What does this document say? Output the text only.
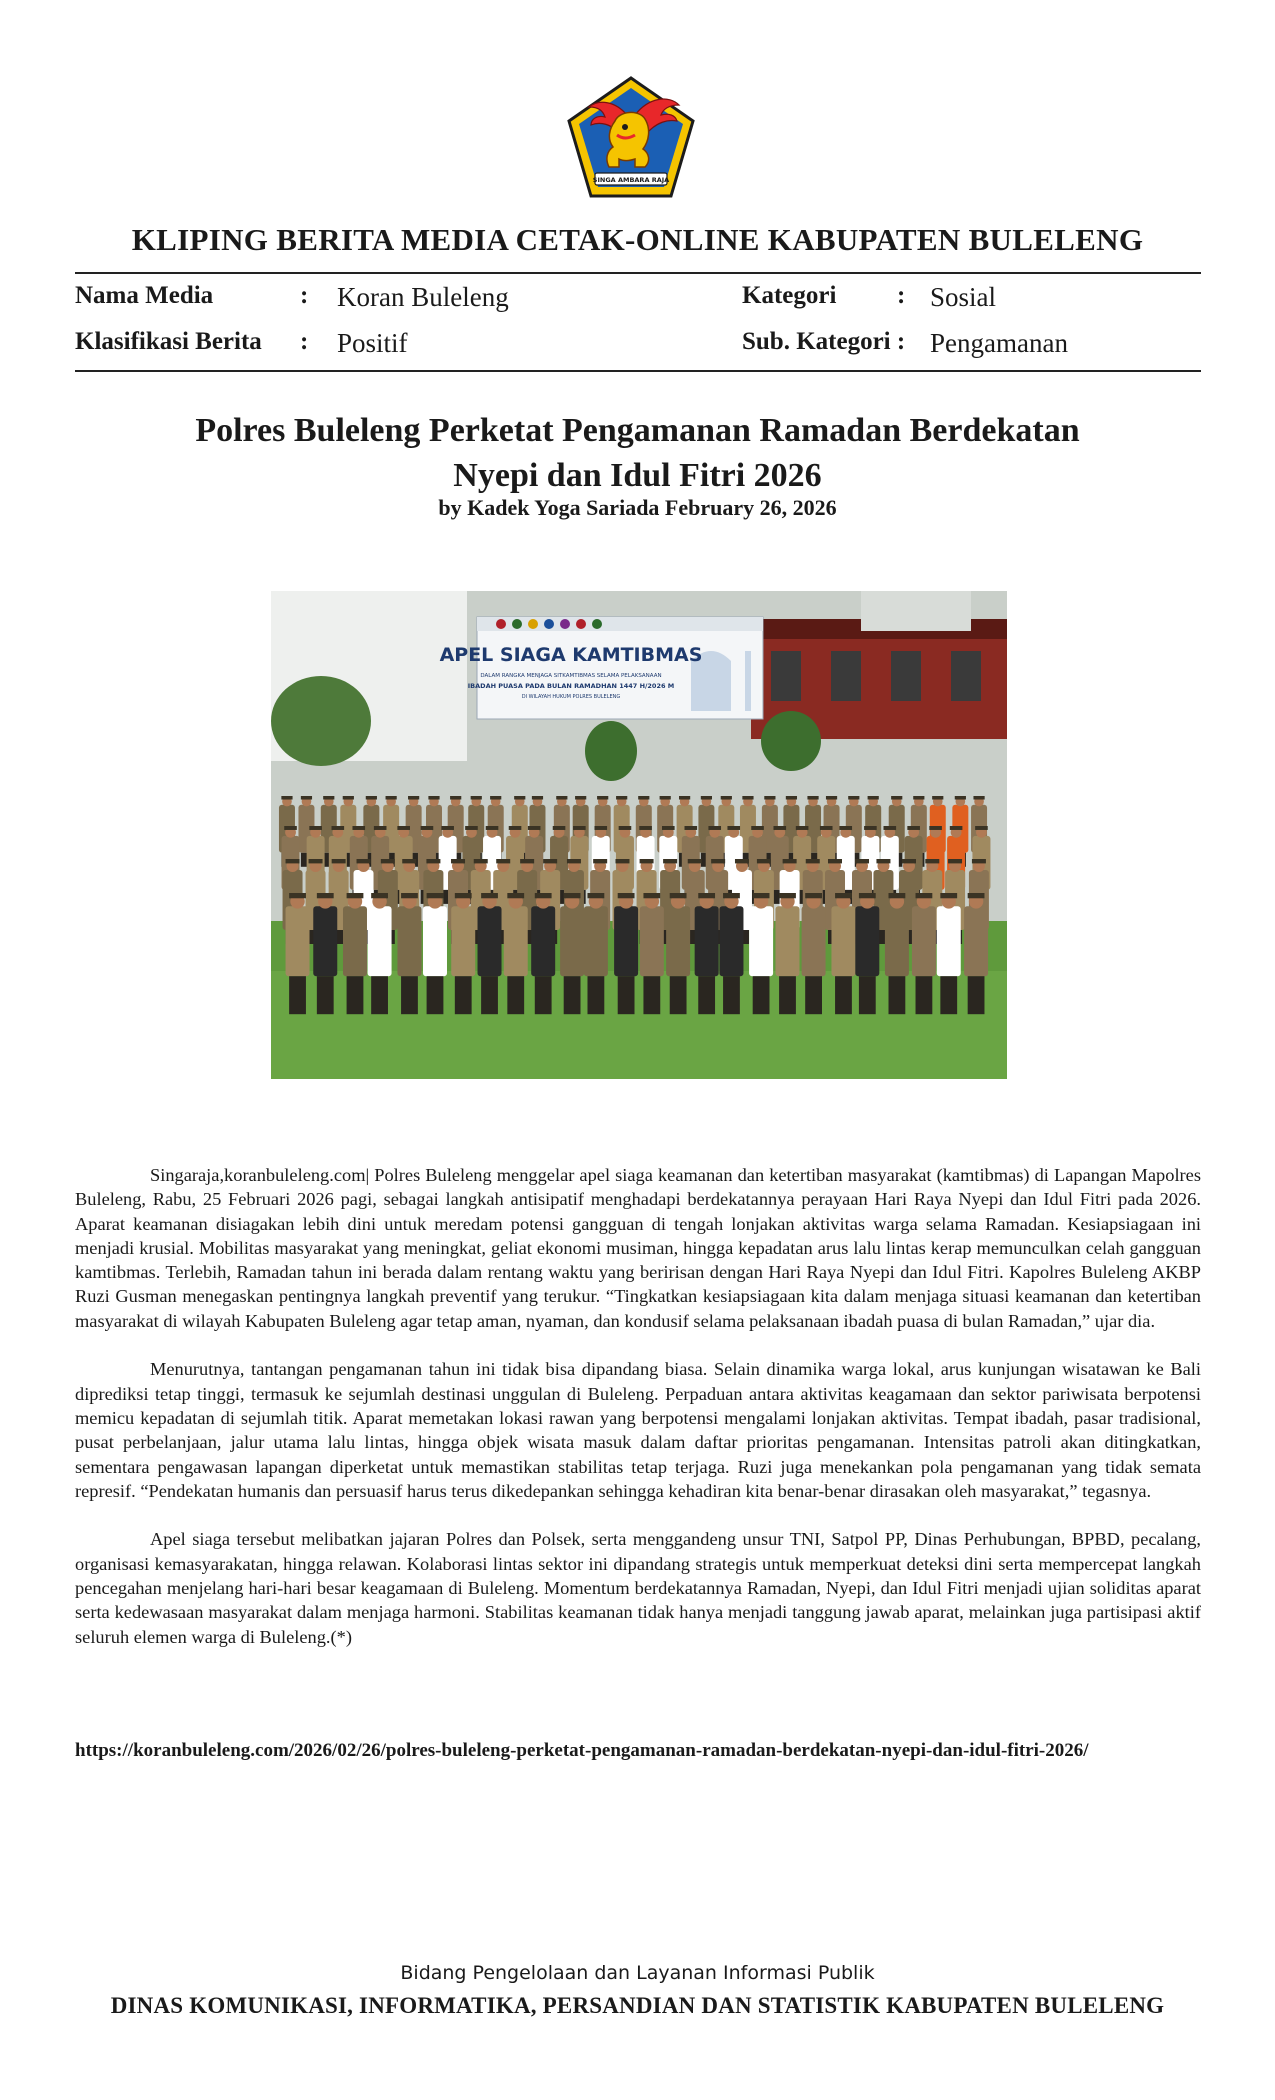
SINGA AMBARA RAJA
KLIPING BERITA MEDIA CETAK-ONLINE KABUPATEN BULELENG
Nama Media	: Koran Buleleng	Kategori : Sosial
Klasifikasi Berita : Positif	Sub. Kategori : Pengamanan
Polres Buleleng Perketat Pengamanan Ramadan Berdekatan
Nyepi dan Idul Fitri 2026
by Kadek Yoga Sariada February 26, 2026
APEL SIAGA KAMTIBMAS
DALAM RANGKA MENJAGA SITKAMTIBMAS SELAMA PELAKSANAAN
IBADAH PUASA PADA BULAN RAMADHAN 1447 H/2026 M
DI WILAYAH HUKUM POLRES BULELENG

Singaraja,koranbuleleng.com| Polres Buleleng menggelar apel siaga keamanan dan ketertiban masyarakat (kamtibmas) di Lapangan Mapolres Buleleng, Rabu, 25 Februari 2026 pagi, sebagai langkah antisipatif menghadapi berdekatannya perayaan Hari Raya Nyepi dan Idul Fitri pada 2026. Aparat keamanan disiagakan lebih dini untuk meredam potensi gangguan di tengah lonjakan aktivitas warga selama Ramadan. Kesiapsiagaan ini menjadi krusial. Mobilitas masyarakat yang meningkat, geliat ekonomi musiman, hingga kepadatan arus lalu lintas kerap memunculkan celah gangguan kamtibmas. Terlebih, Ramadan tahun ini berada dalam rentang waktu yang beririsan dengan Hari Raya Nyepi dan Idul Fitri. Kapolres Buleleng AKBP Ruzi Gusman menegaskan pentingnya langkah preventif yang terukur. “Tingkatkan kesiapsiagaan kita dalam menjaga situasi keamanan dan ketertiban masyarakat di wilayah Kabupaten Buleleng agar tetap aman, nyaman, dan kondusif selama pelaksanaan ibadah puasa di bulan Ramadan,” ujar dia.

Menurutnya, tantangan pengamanan tahun ini tidak bisa dipandang biasa. Selain dinamika warga lokal, arus kunjungan wisatawan ke Bali diprediksi tetap tinggi, termasuk ke sejumlah destinasi unggulan di Buleleng. Perpaduan antara aktivitas keagamaan dan sektor pariwisata berpotensi memicu kepadatan di sejumlah titik. Aparat memetakan lokasi rawan yang berpotensi mengalami lonjakan aktivitas. Tempat ibadah, pasar tradisional, pusat perbelanjaan, jalur utama lalu lintas, hingga objek wisata masuk dalam daftar prioritas pengamanan. Intensitas patroli akan ditingkatkan, sementara pengawasan lapangan diperketat untuk memastikan stabilitas tetap terjaga. Ruzi juga menekankan pola pengamanan yang tidak semata represif. “Pendekatan humanis dan persuasif harus terus dikedepankan sehingga kehadiran kita benar-benar dirasakan oleh masyarakat,” tegasnya.

Apel siaga tersebut melibatkan jajaran Polres dan Polsek, serta menggandeng unsur TNI, Satpol PP, Dinas Perhubungan, BPBD, pecalang, organisasi kemasyarakatan, hingga relawan. Kolaborasi lintas sektor ini dipandang strategis untuk memperkuat deteksi dini serta mempercepat langkah pencegahan menjelang hari-hari besar keagamaan di Buleleng. Momentum berdekatannya Ramadan, Nyepi, dan Idul Fitri menjadi ujian soliditas aparat serta kedewasaan masyarakat dalam menjaga harmoni. Stabilitas keamanan tidak hanya menjadi tanggung jawab aparat, melainkan juga partisipasi aktif seluruh elemen warga di Buleleng.(*)

https://koranbuleleng.com/2026/02/26/polres-buleleng-perketat-pengamanan-ramadan-berdekatan-nyepi-dan-idul-fitri-2026/
Bidang Pengelolaan dan Layanan Informasi Publik
DINAS KOMUNIKASI, INFORMATIKA, PERSANDIAN DAN STATISTIK KABUPATEN BULELENG
